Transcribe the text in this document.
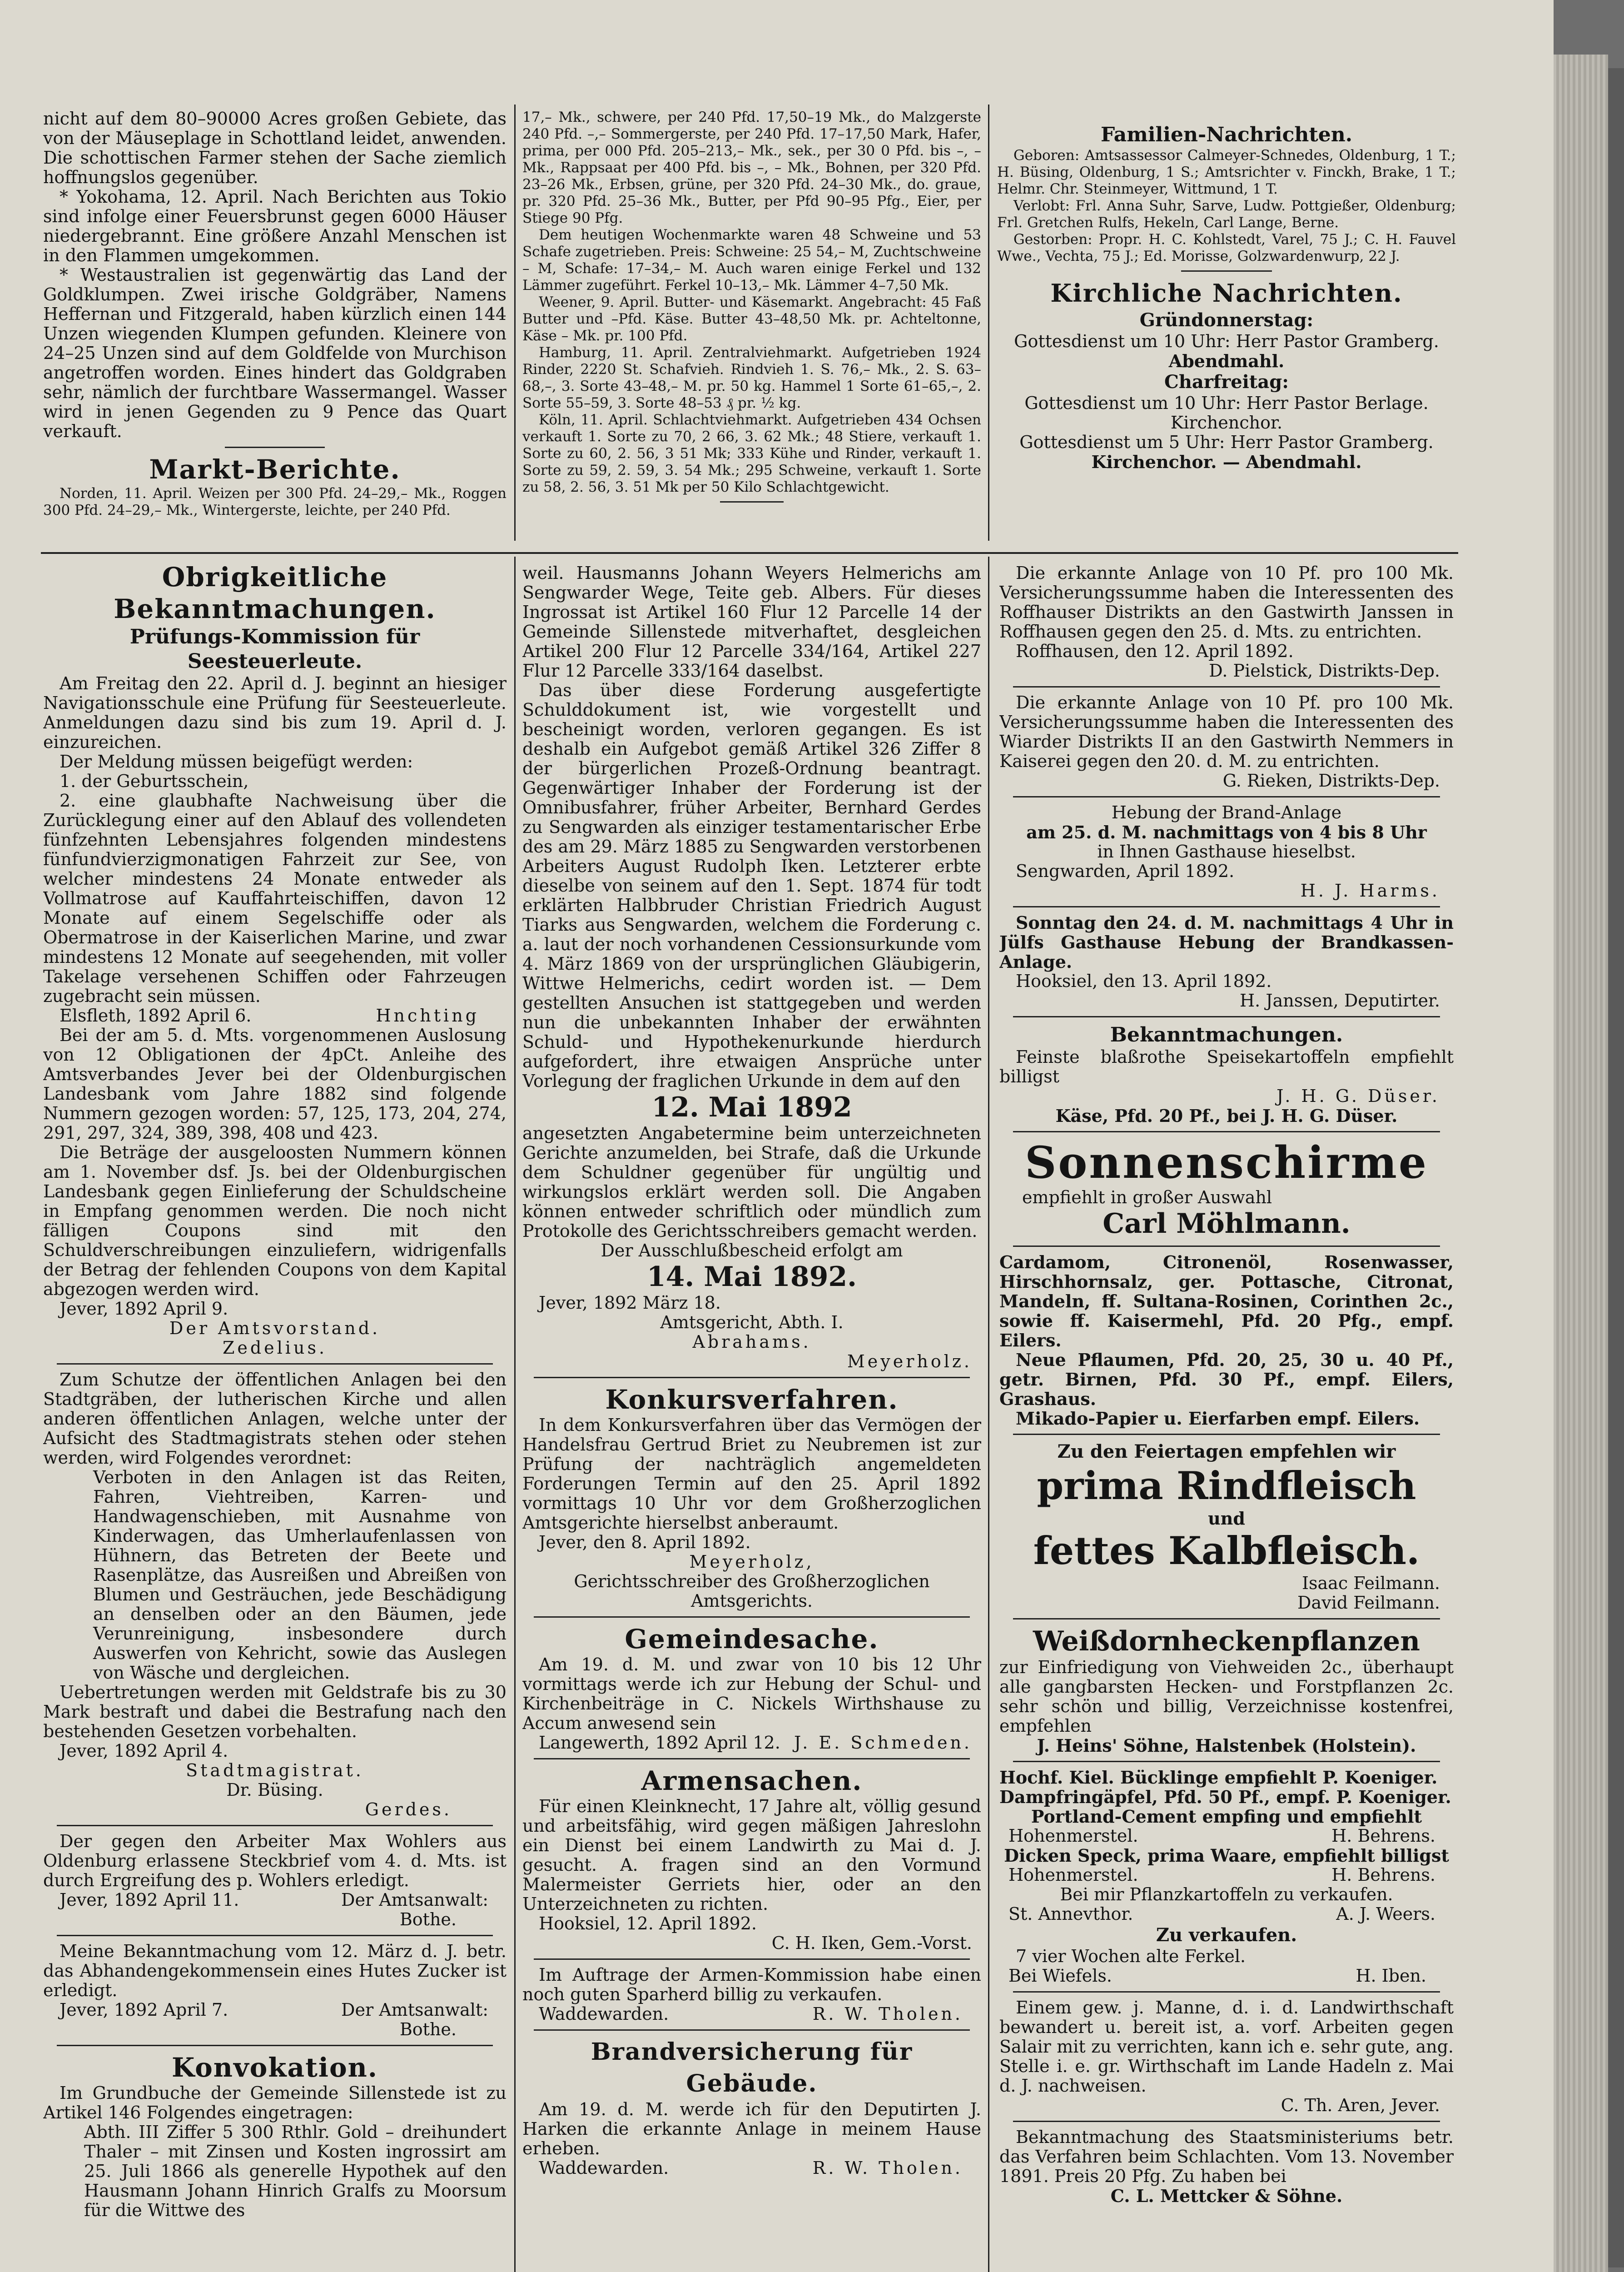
nicht auf dem 80–90000 Acres großen Gebiete, das von der Mäuseplage in Schottland leidet, anwenden. Die schottischen Farmer stehen der Sache ziemlich hoffnungslos gegenüber.

* Yokohama, 12. April. Nach Berichten aus Tokio sind infolge einer Feuersbrunst gegen 6000 Häuser niedergebrannt. Eine größere Anzahl Menschen ist in den Flammen umgekommen.

* Westaustralien ist gegenwärtig das Land der Goldklumpen. Zwei irische Goldgräber, Namens Heffernan und Fitzgerald, haben kürzlich einen 144 Unzen wiegenden Klumpen gefunden. Kleinere von 24–25 Unzen sind auf dem Goldfelde von Murchison angetroffen worden. Eines hindert das Goldgraben sehr, nämlich der furchtbare Wassermangel. Wasser wird in jenen Gegenden zu 9 Pence das Quart verkauft.

Markt-Berichte.

Norden, 11. April. Weizen per 300 Pfd. 24–29,– Mk., Roggen 300 Pfd. 24–29,– Mk., Wintergerste, leichte, per 240 Pfd.

17,– Mk., schwere, per 240 Pfd. 17,50–19 Mk., do Malzgerste 240 Pfd. –,– Sommergerste, per 240 Pfd. 17–17,50 Mark, Hafer, prima, per 000 Pfd. 205–213,– Mk., sek., per 30 0 Pfd. bis –, – Mk., Rappsaat per 400 Pfd. bis –, – Mk., Bohnen, per 320 Pfd. 23–26 Mk., Erbsen, grüne, per 320 Pfd. 24–30 Mk., do. graue, pr. 320 Pfd. 25–36 Mk., Butter, per Pfd 90–95 Pfg., Eier, per Stiege 90 Pfg.

Dem heutigen Wochenmarkte waren 48 Schweine und 53 Schafe zugetrieben. Preis: Schweine: 25 54,– M, Zuchtschweine – M, Schafe: 17–34,– M. Auch waren einige Ferkel und 132 Lämmer zugeführt. Ferkel 10–13,– Mk. Lämmer 4–7,50 Mk.

Weener, 9. April. Butter- und Käsemarkt. Angebracht: 45 Faß Butter und –Pfd. Käse. Butter 43–48,50 Mk. pr. Achteltonne, Käse – Mk. pr. 100 Pfd.

Hamburg, 11. April. Zentralviehmarkt. Aufgetrieben 1924 Rinder, 2220 St. Schafvieh. Rindvieh 1. S. 76,– Mk., 2. S. 63–68,–, 3. Sorte 43–48,– M. pr. 50 kg. Hammel 1 Sorte 61–65,–, 2. Sorte 55–59, 3. Sorte 48–53 ₰ pr. ½ kg.

Köln, 11. April. Schlachtviehmarkt. Aufgetrieben 434 Ochsen verkauft 1. Sorte zu 70, 2 66, 3. 62 Mk.; 48 Stiere, verkauft 1. Sorte zu 60, 2. 56, 3 51 Mk; 333 Kühe und Rinder, verkauft 1. Sorte zu 59, 2. 59, 3. 54 Mk.; 295 Schweine, verkauft 1. Sorte zu 58, 2. 56, 3. 51 Mk per 50 Kilo Schlachtgewicht.

Familien-Nachrichten.

Geboren: Amtsassessor Calmeyer-Schnedes, Oldenburg, 1 T.; H. Büsing, Oldenburg, 1 S.; Amtsrichter v. Finckh, Brake, 1 T.; Helmr. Chr. Steinmeyer, Wittmund, 1 T.

Verlobt: Frl. Anna Suhr, Sarve, Ludw. Pottgießer, Oldenburg; Frl. Gretchen Rulfs, Hekeln, Carl Lange, Berne.

Gestorben: Propr. H. C. Kohlstedt, Varel, 75 J.; C. H. Fauvel Wwe., Vechta, 75 J.; Ed. Morisse, Golzwardenwurp, 22 J.

Kirchliche Nachrichten.

Gründonnerstag:

Gottesdienst um 10 Uhr: Herr Pastor Gramberg.

Abendmahl.

Charfreitag:

Gottesdienst um 10 Uhr: Herr Pastor Berlage.

Kirchenchor.

Gottesdienst um 5 Uhr: Herr Pastor Gramberg.

Kirchenchor. — Abendmahl.

Obrigkeitliche Bekanntmachungen.

Prüfungs-Kommission für Seesteuerleute.

Am Freitag den 22. April d. J. beginnt an hiesiger Navigationsschule eine Prüfung für Seesteuerleute. Anmeldungen dazu sind bis zum 19. April d. J. einzureichen.

Der Meldung müssen beigefügt werden:

1. der Geburtsschein,

2. eine glaubhafte Nachweisung über die Zurücklegung einer auf den Ablauf des vollendeten fünfzehnten Lebensjahres folgenden mindestens fünfundvierzigmonatigen Fahrzeit zur See, von welcher mindestens 24 Monate entweder als Vollmatrose auf Kauffahrteischiffen, davon 12 Monate auf einem Segelschiffe oder als Obermatrose in der Kaiserlichen Marine, und zwar mindestens 12 Monate auf seegehenden, mit voller Takelage versehenen Schiffen oder Fahrzeugen zugebracht sein müssen.

Elsfleth, 1892 April 6.	Hnchting

Bei der am 5. d. Mts. vorgenommenen Auslosung von 12 Obligationen der 4pCt. Anleihe des Amtsverbandes Jever bei der Oldenburgischen Landesbank vom Jahre 1882 sind folgende Nummern gezogen worden: 57, 125, 173, 204, 274, 291, 297, 324, 389, 398, 408 und 423.

Die Beträge der ausgeloosten Nummern können am 1. November dsf. Js. bei der Oldenburgischen Landesbank gegen Einlieferung der Schuldscheine in Empfang genommen werden. Die noch nicht fälligen Coupons sind mit den Schuldverschreibungen einzuliefern, widrigenfalls der Betrag der fehlenden Coupons von dem Kapital abgezogen werden wird.

Jever, 1892 April 9.

Der Amtsvorstand.

Zedelius.

Zum Schutze der öffentlichen Anlagen bei den Stadtgräben, der lutherischen Kirche und allen anderen öffentlichen Anlagen, welche unter der Aufsicht des Stadtmagistrats stehen oder stehen werden, wird Folgendes verordnet:

Verboten in den Anlagen ist das Reiten, Fahren, Viehtreiben, Karren- und Handwagenschieben, mit Ausnahme von Kinderwagen, das Umherlaufenlassen von Hühnern, das Betreten der Beete und Rasenplätze, das Ausreißen und Abreißen von Blumen und Gesträuchen, jede Beschädigung an denselben oder an den Bäumen, jede Verunreinigung, insbesondere durch Auswerfen von Kehricht, sowie das Auslegen von Wäsche und dergleichen.

Uebertretungen werden mit Geldstrafe bis zu 30 Mark bestraft und dabei die Bestrafung nach den bestehenden Gesetzen vorbehalten.

Jever, 1892 April 4.

Stadtmagistrat.

Dr. Büsing.

Gerdes.

Der gegen den Arbeiter Max Wohlers aus Oldenburg erlassene Steckbrief vom 4. d. Mts. ist durch Ergreifung des p. Wohlers erledigt.

Jever, 1892 April 11.	Der Amtsanwalt:

Bothe.

Meine Bekanntmachung vom 12. März d. J. betr. das Abhandengekommensein eines Hutes Zucker ist erledigt.

Jever, 1892 April 7.	Der Amtsanwalt:

Bothe.

Konvokation.

Im Grundbuche der Gemeinde Sillenstede ist zu Artikel 146 Folgendes eingetragen:

Abth. III Ziffer 5 300 Rthlr. Gold – dreihundert Thaler – mit Zinsen und Kosten ingrossirt am 25. Juli 1866 als generelle Hypothek auf den Hausmann Johann Hinrich Gralfs zu Moorsum für die Wittwe des

weil. Hausmanns Johann Weyers Helmerichs am Sengwarder Wege, Teite geb. Albers. Für dieses Ingrossat ist Artikel 160 Flur 12 Parcelle 14 der Gemeinde Sillenstede mitverhaftet, desgleichen Artikel 200 Flur 12 Parcelle 334/164, Artikel 227 Flur 12 Parcelle 333/164 daselbst.

Das über diese Forderung ausgefertigte Schulddokument ist, wie vorgestellt und bescheinigt worden, verloren gegangen. Es ist deshalb ein Aufgebot gemäß Artikel 326 Ziffer 8 der bürgerlichen Prozeß-Ordnung beantragt. Gegenwärtiger Inhaber der Forderung ist der Omnibusfahrer, früher Arbeiter, Bernhard Gerdes zu Sengwarden als einziger testamentarischer Erbe des am 29. März 1885 zu Sengwarden verstorbenen Arbeiters August Rudolph Iken. Letzterer erbte dieselbe von seinem auf den 1. Sept. 1874 für todt erklärten Halbbruder Christian Friedrich August Tiarks aus Sengwarden, welchem die Forderung c. a. laut der noch vorhandenen Cessionsurkunde vom 4. März 1869 von der ursprünglichen Gläubigerin, Wittwe Helmerichs, cedirt worden ist. — Dem gestellten Ansuchen ist stattgegeben und werden nun die unbekannten Inhaber der erwähnten Schuld- und Hypothekenurkunde hierdurch aufgefordert, ihre etwaigen Ansprüche unter Vorlegung der fraglichen Urkunde in dem auf den

12. Mai 1892

angesetzten Angabetermine beim unterzeichneten Gerichte anzumelden, bei Strafe, daß die Urkunde dem Schuldner gegenüber für ungültig und wirkungslos erklärt werden soll. Die Angaben können entweder schriftlich oder mündlich zum Protokolle des Gerichtsschreibers gemacht werden.

Der Ausschlußbescheid erfolgt am

14. Mai 1892.

Jever, 1892 März 18.

Amtsgericht, Abth. I.

Abrahams.

Meyerholz.

Konkursverfahren.

In dem Konkursverfahren über das Vermögen der Handelsfrau Gertrud Briet zu Neubremen ist zur Prüfung der nachträglich angemeldeten Forderungen Termin auf den 25. April 1892 vormittags 10 Uhr vor dem Großherzoglichen Amtsgerichte hierselbst anberaumt.

Jever, den 8. April 1892.

Meyerholz,

Gerichtsschreiber des Großherzoglichen Amtsgerichts.

Gemeindesache.

Am 19. d. M. und zwar von 10 bis 12 Uhr vormittags werde ich zur Hebung der Schul- und Kirchenbeiträge in C. Nickels Wirthshause zu Accum anwesend sein

Langewerth, 1892 April 12. J. E. Schmeden.

Armensachen.

Für einen Kleinknecht, 17 Jahre alt, völlig gesund und arbeitsfähig, wird gegen mäßigen Jahreslohn ein Dienst bei einem Landwirth zu Mai d. J. gesucht. A. fragen sind an den Vormund Malermeister Gerriets hier, oder an den Unterzeichneten zu richten.

Hooksiel, 12. April 1892.

C. H. Iken, Gem.-Vorst.

Im Auftrage der Armen-Kommission habe einen noch guten Sparherd billig zu verkaufen.

Waddewarden.	R. W. Tholen.

Brandversicherung für Gebäude.

Am 19. d. M. werde ich für den Deputirten J. Harken die erkannte Anlage in meinem Hause erheben.

Waddewarden.	R. W. Tholen.

Die erkannte Anlage von 10 Pf. pro 100 Mk. Versicherungssumme haben die Interessenten des Roffhauser Distrikts an den Gastwirth Janssen in Roffhausen gegen den 25. d. Mts. zu entrichten.

Roffhausen, den 12. April 1892.

D. Pielstick, Distrikts-Dep.

Die erkannte Anlage von 10 Pf. pro 100 Mk. Versicherungssumme haben die Interessenten des Wiarder Distrikts II an den Gastwirth Nemmers in Kaiserei gegen den 20. d. M. zu entrichten.

G. Rieken, Distrikts-Dep.

Hebung der Brand-Anlage

am 25. d. M. nachmittags von 4 bis 8 Uhr

in Ihnen Gasthause hieselbst.

Sengwarden, April 1892.

H. J. Harms.

Sonntag den 24. d. M. nachmittags 4 Uhr in Jülfs Gasthause Hebung der Brandkassen-Anlage.

Hooksiel, den 13. April 1892.

H. Janssen, Deputirter.

Bekanntmachungen.

Feinste blaßrothe Speisekartoffeln empfiehlt billigst

J. H. G. Düser.

Käse, Pfd. 20 Pf., bei J. H. G. Düser.

Sonnenschirme

empfiehlt in großer Auswahl

Carl Möhlmann.

Cardamom, Citronenöl, Rosenwasser, Hirschhornsalz, ger. Pottasche, Citronat, Mandeln, ff. Sultana-Rosinen, Corinthen 2c., sowie ff. Kaisermehl, Pfd. 20 Pfg., empf. Eilers.

Neue Pflaumen, Pfd. 20, 25, 30 u. 40 Pf., getr. Birnen, Pfd. 30 Pf., empf. Eilers, Grashaus.

Mikado-Papier u. Eierfarben empf. Eilers.

Zu den Feiertagen empfehlen wir

prima Rindfleisch

und

fettes Kalbfleisch.

Isaac Feilmann.

David Feilmann.

Weißdornheckenpflanzen

zur Einfriedigung von Viehweiden 2c., überhaupt alle gangbarsten Hecken- und Forstpflanzen 2c. sehr schön und billig, Verzeichnisse kostenfrei, empfehlen

J. Heins' Söhne, Halstenbek (Holstein).

Hochf. Kiel. Bücklinge empfiehlt P. Koeniger.

Dampfringäpfel, Pfd. 50 Pf., empf. P. Koeniger.

Portland-Cement empfing und empfiehlt

Hohenmerstel.	H. Behrens.

Dicken Speck, prima Waare, empfiehlt billigst

Hohenmerstel.	H. Behrens.

Bei mir Pflanzkartoffeln zu verkaufen.

St. Annevthor.	A. J. Weers.

Zu verkaufen.

7 vier Wochen alte Ferkel.

Bei Wiefels.	H. Iben.

Einem gew. j. Manne, d. i. d. Landwirthschaft bewandert u. bereit ist, a. vorf. Arbeiten gegen Salair mit zu verrichten, kann ich e. sehr gute, ang. Stelle i. e. gr. Wirthschaft im Lande Hadeln z. Mai d. J. nachweisen.

C. Th. Aren, Jever.

Bekanntmachung des Staatsministeriums betr. das Verfahren beim Schlachten. Vom 13. November 1891. Preis 20 Pfg. Zu haben bei

C. L. Mettcker & Söhne.
